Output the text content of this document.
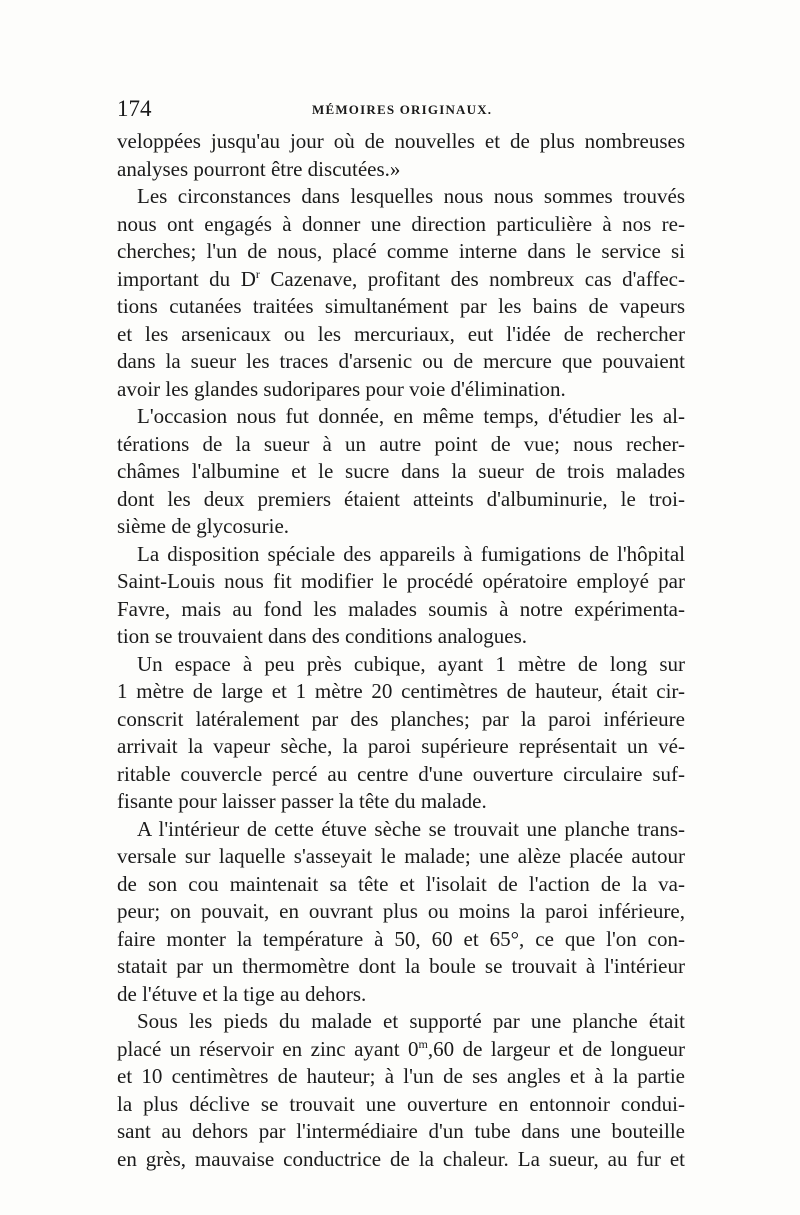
174	MÉMOIRES ORIGINAUX.
veloppées jusqu'au jour où de nouvelles et de plus nombreuses
analyses pourront être discutées.»
Les circonstances dans lesquelles nous nous sommes trouvés
nous ont engagés à donner une direction particulière à nos re-
cherches; l'un de nous, placé comme interne dans le service si
important du $D^r$ Cazenave, profitant des nombreux cas d'affec-
tions cutanées traitées simultanément par les bains de vapeurs
et les arsenicaux ou les mercuriaux, eut l'idée de rechercher
dans la sueur les traces d'arsenic ou de mercure que pouvaient
avoir les glandes sudoripares pour voie d'élimination.
L'occasion nous fut donnée, en même temps, d'étudier les al-
térations de la sueur à un autre point de vue; nous recher-
châmes l'albumine et le sucre dans la sueur de trois malades
dont les deux premiers étaient atteints d'albuminurie, le troi-
sième de glycosurie.
La disposition spéciale des appareils à fumigations de l'hôpital
Saint-Louis nous fit modifier le procédé opératoire employé par
Favre, mais au fond les malades soumis à notre expérimenta-
tion se trouvaient dans des conditions analogues.
Un espace à peu près cubique, ayant 1 mètre de long sur
1 mètre de large et 1 mètre 20 centimètres de hauteur, était cir-
conscrit latéralement par des planches; par la paroi inférieure
arrivait la vapeur sèche, la paroi supérieure représentait un vé-
ritable couvercle percé au centre d'une ouverture circulaire suf-
fisante pour laisser passer la tête du malade.
A l'intérieur de cette étuve sèche se trouvait une planche trans-
versale sur laquelle s'asseyait le malade; une alèze placée autour
de son cou maintenait sa tête et l'isolait de l'action de la va-
peur; on pouvait, en ouvrant plus ou moins la paroi inférieure,
faire monter la température à 50, 60 et 65°, ce que l'on con-
statait par un thermomètre dont la boule se trouvait à l'intérieur
de l'étuve et la tige au dehors.
Sous les pieds du malade et supporté par une planche était
placé un réservoir en zinc ayant 0$^m$,60 de largeur et de longueur
et 10 centimètres de hauteur; à l'un de ses angles et à la partie
la plus déclive se trouvait une ouverture en entonnoir condui-
sant au dehors par l'intermédiaire d'un tube dans une bouteille
en grès, mauvaise conductrice de la chaleur. La sueur, au fur et
